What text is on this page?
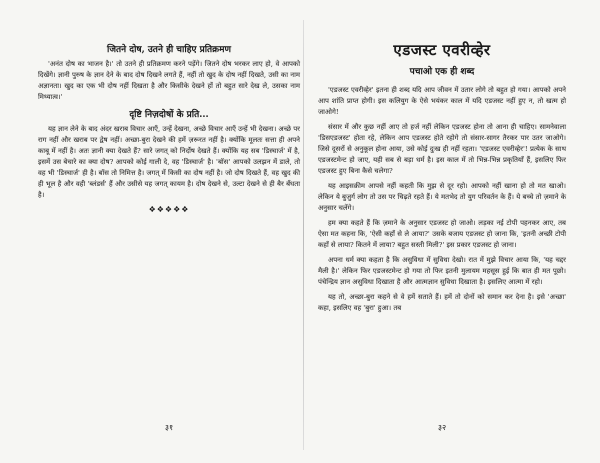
जितने दोष, उतने ही चाहिए प्रतिक्रमण

'अनंत दोष का भाजन है।' तो उतने ही प्रतिक्रमण करने पड़ेंगे। जितने दोष भरकर लाए हो, वे आपको दिखेंगे। ज्ञानी पुरुष के ज्ञान देने के बाद दोष दिखने लगते हैं, नहीं तो खुद के दोष नहीं दिखते, उसी का नाम अज्ञानता। खुद का एक भी दोष नहीं दिखता है और किसीके देखने हों तो बहुत सारे देख ले, उसका नाम मिथ्यात्व।'

दृष्टि निज़दोषों के प्रति...

यह ज्ञान लेने के बाद अंदर खराब विचार आएँ, उन्हें देखना, अच्छे विचार आएँ उन्हें भी देखना। अच्छे पर राग नहीं और खराब पर द्वेष नहीं। अच्छा-बुरा देखने की हमें ज़रूरत नहीं है। क्योंकि मूलतः सत्ता ही अपने काबू में नहीं है। अतः ज्ञानी क्या देखते हैं? सारे जगत् को निर्दोष देखते हैं। क्योंकि यह सब 'डिस्चार्ज' में है, इसमें उस बेचारे का क्या दोष? आपको कोई गाली दे, वह 'डिस्चार्ज' है। 'बॉस' आपको उलझन में डाले, तो वह भी 'डिस्चार्ज' ही है। बॉस तो निमित्त है। जगत् में किसी का दोष नहीं है। जो दोष दिखते हैं, वह खुद की ही भूल है और वही 'ब्लंडर्स' हैं और उसीसे यह जगत् कायम है। दोष देखने से, उल्टा देखने से ही बैर बँधता है।

❖❖❖❖❖
३१
एडजस्ट एवरीव्हेर
पचाओ एक ही शब्द

'एडजस्ट एवरीव्हेर' इतना ही शब्द यदि आप जीवन में उतार लोगे तो बहुत हो गया। आपको अपने आप शांति प्राप्त होगी। इस कलियुग के ऐसे भयंकर काल में यदि एडजस्ट नहीं हुए न, तो खत्म हो जाओगे!

संसार में और कुछ नहीं आए तो हर्ज नहीं लेकिन एडजस्ट होना तो आना ही चाहिए। सामनेवाला 'डिसएडजस्ट' होता रहे, लेकिन आप एडजस्ट होते रहोगे तो संसार-सागर तैरकर पार उतर जाओगे। जिसे दूसरों से अनुकूल होना आया, उसे कोई दुःख ही नहीं रहता। 'एडजस्ट एवरीव्हेर'! प्रत्येक के साथ एडजस्टमेन्ट हो जाए, यही सब से बड़ा धर्म है। इस काल में तो भिन्न-भिन्न प्रकृतियाँ हैं, इसलिए फिर एडजस्ट हुए बिना कैसे चलेगा?

यह आइसक्रीम आपसे नहीं कहती कि मुझ से दूर रहो। आपको नहीं खाना हो तो मत खाओ। लेकिन ये बुजुर्ग लोग तो उस पर चिढ़ते रहते हैं। ये मतभेद तो युग परिवर्तन के हैं। ये बच्चे तो ज़माने के अनुसार चलेंगे।

हम क्या कहते हैं कि ज़माने के अनुसार एडजस्ट हो जाओ। लड़का नई टोपी पहनकर आए, तब ऐसा मत कहना कि, 'ऐसी कहाँ से ले आया?' उसके बजाय एडजस्ट हो जाना कि, 'इतनी अच्छी टोपी कहाँ से लाया? कितने में लाया? बहुत सस्ती मिली?' इस प्रकार एडजस्ट हो जाना।

अपना धर्म क्या कहता है कि असुविधा में सुविधा देखो। रात में मुझे विचार आया कि, 'यह चद्दर मैली है।' लेकिन फिर एडजस्टमेन्ट हो गया तो फिर इतनी मुलायम महसूस हुई कि बात ही मत पूछो। पंचेन्द्रिय ज्ञान असुविधा दिखाता है और आत्मज्ञान सुविधा दिखाता है। इसलिए आत्मा में रहो।

यह तो, अच्छा-बुरा कहने से वे हमें सताते हैं। हमें तो दोनों को समान कर देना है। इसे 'अच्छा' कहा, इसलिए वह 'बुरा' हुआ। तब

३२
